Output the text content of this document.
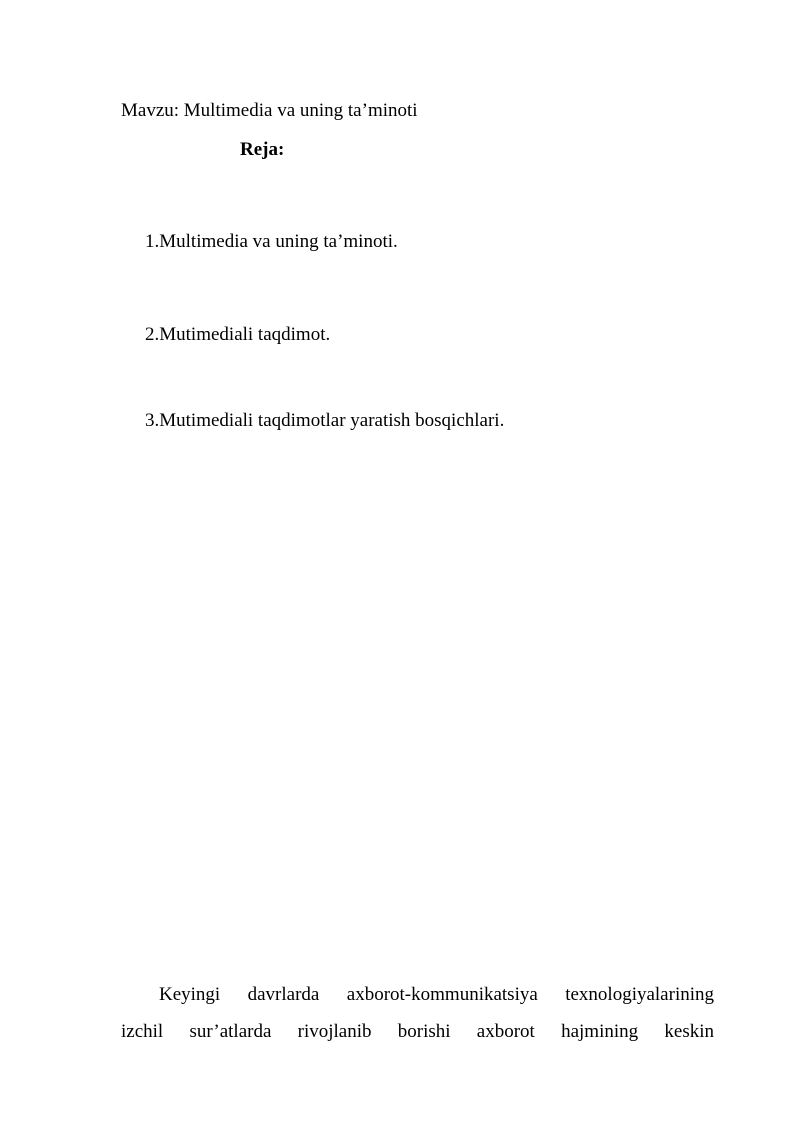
Mavzu: Multimedia va uning ta’minoti
Reja:
1.Multimedia va uning ta’minoti.
2.Mutimediali taqdimot.
3.Mutimediali taqdimotlar yaratish bosqichlari.
Keyingi davrlarda axborot-kommunikatsiya texnologiyalarining
izchil sur’atlarda rivojlanib borishi axborot hajmining keskin
